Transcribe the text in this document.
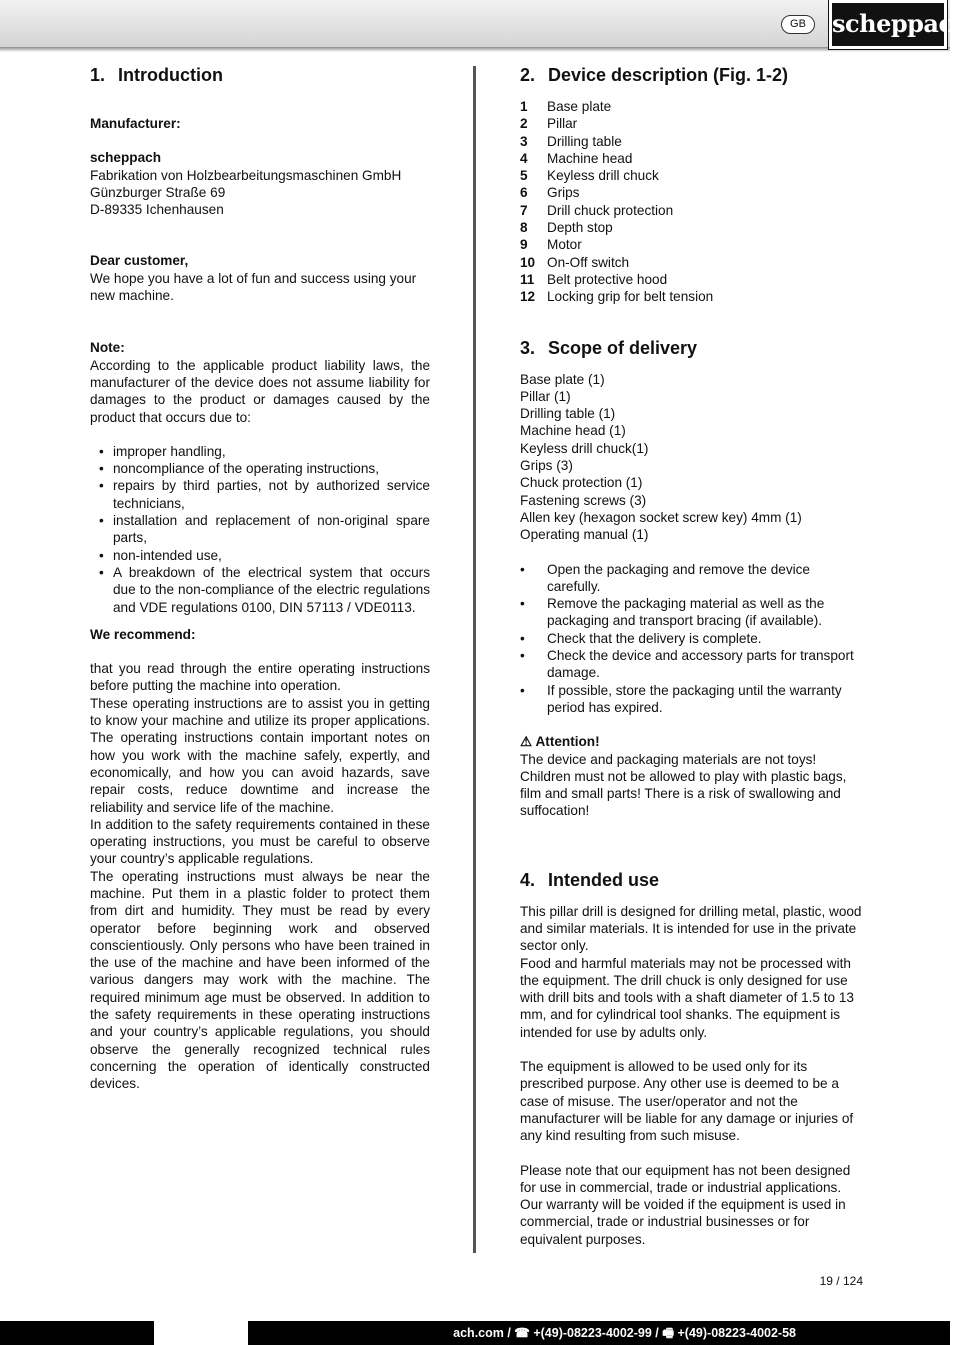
GB	scheppach
1. Introduction

Manufacturer:

scheppach

Fabrikation von Holzbearbeitungsmaschinen GmbH

Günzburger Straße 69

D-89335 Ichenhausen

Dear customer,

We hope you have a lot of fun and success using your new machine.

Note:

According to the applicable product liability laws, the manufacturer of the device does not assume liability for damages to the product or damages caused by the product that occurs due to:

• improper handling,
• noncompliance of the operating instructions,
• repairs by third parties, not by authorized service technicians,
• installation and replacement of non-original spare parts,
• non-intended use,
• A breakdown of the electrical system that occurs due to the non-compliance of the electric regulations and VDE regulations 0100, DIN 57113 / VDE0113.

We recommend:

that you read through the entire operating instructions before putting the machine into operation.

These operating instructions are to assist you in getting to know your machine and utilize its proper applications. The operating instructions contain important notes on how you work with the machine safely, expertly, and economically, and how you can avoid hazards, save repair costs, reduce downtime and increase the reliability and service life of the machine.

In addition to the safety requirements contained in these operating instructions, you must be careful to observe your country’s applicable regulations.

The operating instructions must always be near the machine. Put them in a plastic folder to protect them from dirt and humidity. They must be read by every operator before beginning work and observed conscientiously. Only persons who have been trained in the use of the machine and have been informed of the various dangers may work with the machine. The required minimum age must be observed. In addition to the safety requirements in these operating instructions and your country’s applicable regulations, you should observe the generally recognized technical rules concerning the operation of identically constructed devices.

2. Device description (Fig. 1-2)
1 Base plate
2 Pillar
3 Drilling table
4 Machine head
5 Keyless drill chuck
6 Grips
7 Drill chuck protection
8 Depth stop
9 Motor
10 On-Off switch
11 Belt protective hood
12 Locking grip for belt tension
3. Scope of delivery

Base plate (1)

Pillar (1)

Drilling table (1)

Machine head (1)

Keyless drill chuck(1)

Grips (3)

Chuck protection (1)

Fastening screws (3)

Allen key (hexagon socket screw key) 4mm (1)

Operating manual (1)

• Open the packaging and remove the device carefully.
• Remove the packaging material as well as the packaging and transport bracing (if available).
• Check that the delivery is complete.
• Check the device and accessory parts for transport damage.
• If possible, store the packaging until the warranty period has expired.

⚠ Attention!

The device and packaging materials are not toys! Children must not be allowed to play with plastic bags, film and small parts! There is a risk of swallowing and suffocation!

4. Intended use

This pillar drill is designed for drilling metal, plastic, wood and similar materials. It is intended for use in the private sector only.

Food and harmful materials may not be processed with the equipment. The drill chuck is only designed for use with drill bits and tools with a shaft diameter of 1.5 to 13 mm, and for cylindrical tool shanks. The equipment is intended for use by adults only.

The equipment is allowed to be used only for its prescribed purpose. Any other use is deemed to be a case of misuse. The user/operator and not the manufacturer will be liable for any damage or injuries of any kind resulting from such misuse.

Please note that our equipment has not been designed for use in commercial, trade or industrial applications. Our warranty will be voided if the equipment is used in commercial, trade or industrial businesses or for equivalent purposes.

19 / 124
ach.com / ☎ +(49)-08223-4002-99 / 🖷 +(49)-08223-4002-58
